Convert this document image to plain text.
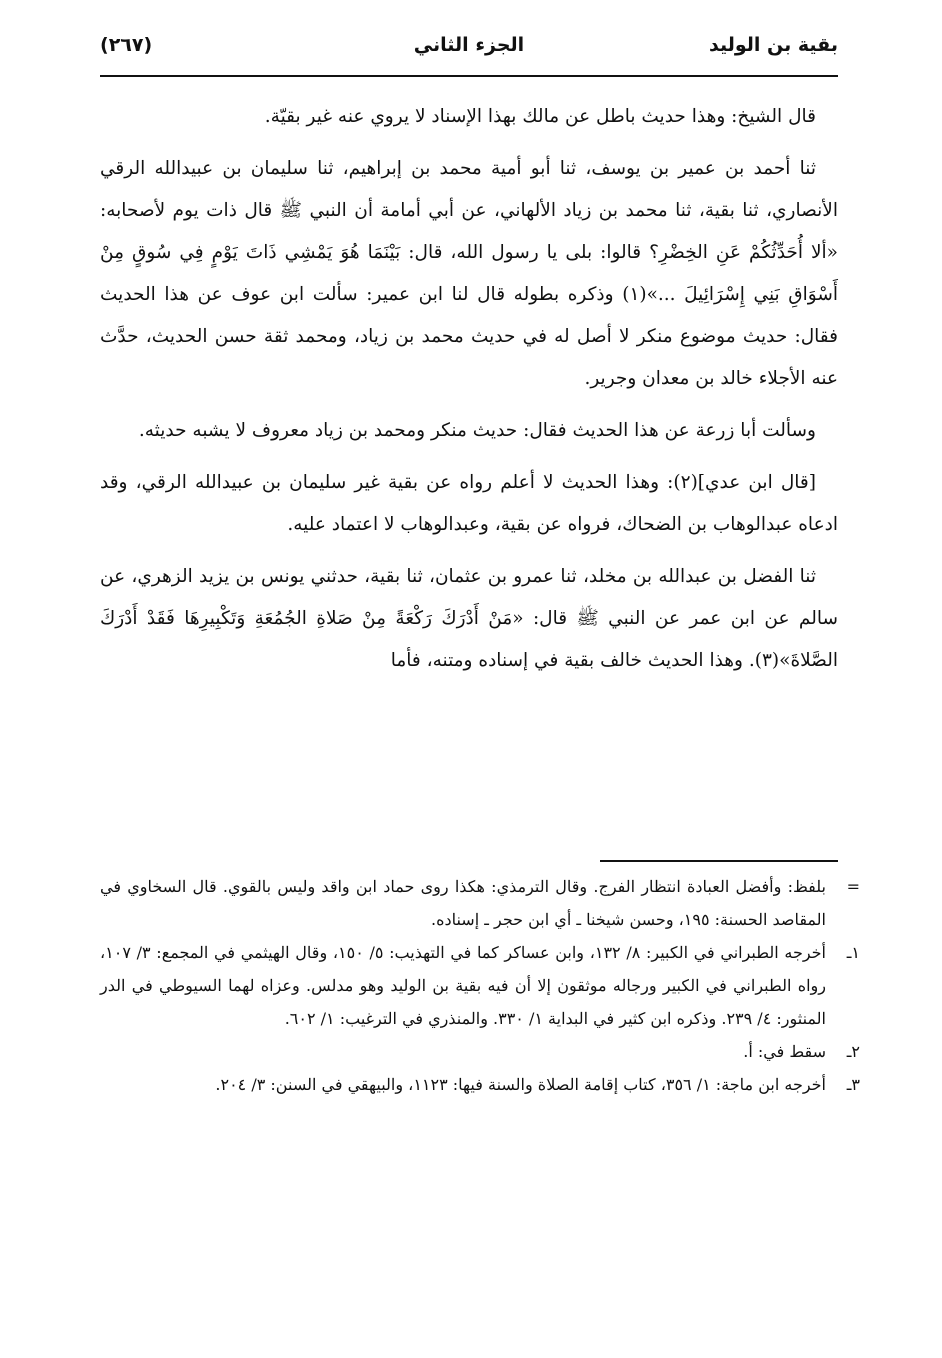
بقية بن الوليد
الجزء الثاني
(٢٦٧)

قال الشيخ: وهذا حديث باطل عن مالك بهذا الإسناد لا يروي عنه غير بقيّة.

ثنا أحمد بن عمير بن يوسف، ثنا أبو أمية محمد بن إبراهيم، ثنا سليمان بن عبيدالله الرقي الأنصاري، ثنا بقية، ثنا محمد بن زياد الألهاني، عن أبي أمامة أن النبي ﷺ قال ذات يوم لأصحابه: «ألا أُحَدِّثُكُمْ عَنِ الخِضْرِ؟ قالوا: بلى يا رسول الله، قال: بَيْنَمَا هُوَ يَمْشِي ذَاتَ يَوْمٍ فِي سُوقٍ مِنْ أَسْوَاقِ بَنِي إِسْرَائِيلَ ...»(١) وذكره بطوله قال لنا ابن عمير: سألت ابن عوف عن هذا الحديث فقال: حديث موضوع منكر لا أصل له في حديث محمد بن زياد، ومحمد ثقة حسن الحديث، حدَّث عنه الأجلاء خالد بن معدان وجرير.

وسألت أبا زرعة عن هذا الحديث فقال: حديث منكر ومحمد بن زياد معروف لا يشبه حديثه.

[قال ابن عدي](٢): وهذا الحديث لا أعلم رواه عن بقية غير سليمان بن عبيدالله الرقي، وقد ادعاه عبدالوهاب بن الضحاك، فرواه عن بقية، وعبدالوهاب لا اعتماد عليه.

ثنا الفضل بن عبدالله بن مخلد، ثنا عمرو بن عثمان، ثنا بقية، حدثني يونس بن يزيد الزهري، عن سالم عن ابن عمر عن النبي ﷺ قال: «مَنْ أَدْرَكَ رَكْعَةً مِنْ صَلاةِ الجُمُعَةِ وَتَكْبِيرِهَا فَقَدْ أَدْرَكَ الصَّلاةَ»(٣). وهذا الحديث خالف بقية في إسناده ومتنه، فأما

=
بلفظ: وأفضل العبادة انتظار الفرج. وقال الترمذي: هكذا روى حماد ابن واقد وليس بالقوي. قال السخاوي في المقاصد الحسنة: ١٩٥، وحسن شيخنا ـ أي ابن حجر ـ إسناده.
١ـ
أخرجه الطبراني في الكبير: ٨/ ١٣٢، وابن عساكر كما في التهذيب: ٥/ ١٥٠، وقال الهيثمي في المجمع: ٣/ ١٠٧، رواه الطبراني في الكبير ورجاله موثقون إلا أن فيه بقية بن الوليد وهو مدلس. وعزاه لهما السيوطي في الدر المنثور: ٤/ ٢٣٩. وذكره ابن كثير في البداية ١/ ٣٣٠. والمنذري في الترغيب: ١/ ٦٠٢.
٢ـ
سقط في: أ.
٣ـ
أخرجه ابن ماجة: ١/ ٣٥٦، كتاب إقامة الصلاة والسنة فيها: ١١٢٣، والبيهقي في السنن: ٣/ ٢٠٤.
